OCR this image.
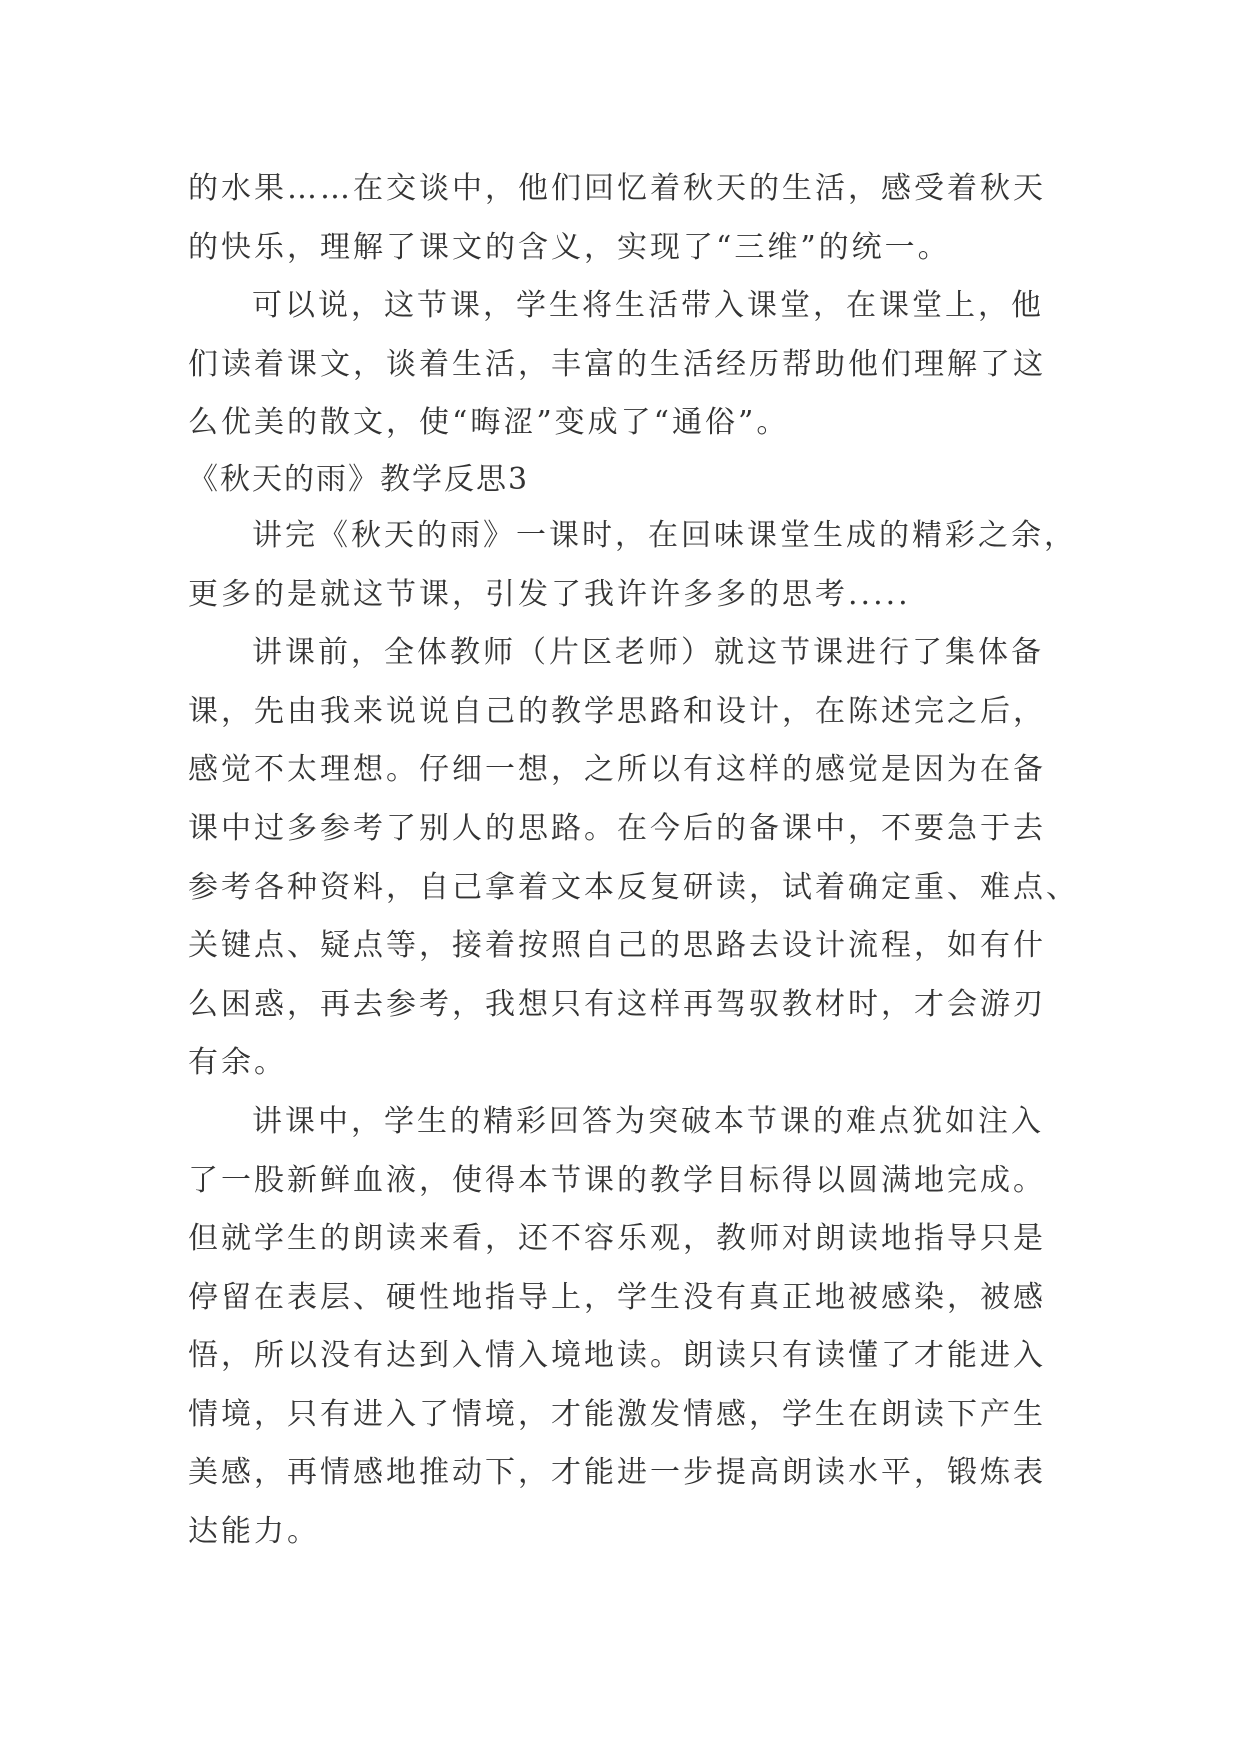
的水果……在交谈中，他们回忆着秋天的生活，感受着秋天
的快乐，理解了课文的含义，实现了“三维”的统一。
可以说，这节课，学生将生活带入课堂，在课堂上，他
们读着课文，谈着生活，丰富的生活经历帮助他们理解了这
么优美的散文，使“晦涩”变成了“通俗”。
《秋天的雨》教学反思3
讲完《秋天的雨》一课时，在回味课堂生成的精彩之余，
更多的是就这节课，引发了我许许多多的思考.....
讲课前，全体教师（片区老师）就这节课进行了集体备
课，先由我来说说自己的教学思路和设计，在陈述完之后，
感觉不太理想。仔细一想，之所以有这样的感觉是因为在备
课中过多参考了别人的思路。在今后的备课中，不要急于去
参考各种资料，自己拿着文本反复研读，试着确定重、难点、
关键点、疑点等，接着按照自己的思路去设计流程，如有什
么困惑，再去参考，我想只有这样再驾驭教材时，才会游刃
有余。
讲课中，学生的精彩回答为突破本节课的难点犹如注入
了一股新鲜血液，使得本节课的教学目标得以圆满地完成。
但就学生的朗读来看，还不容乐观，教师对朗读地指导只是
停留在表层、硬性地指导上，学生没有真正地被感染，被感
悟，所以没有达到入情入境地读。朗读只有读懂了才能进入
情境，只有进入了情境，才能激发情感，学生在朗读下产生
美感，再情感地推动下，才能进一步提高朗读水平，锻炼表
达能力。
